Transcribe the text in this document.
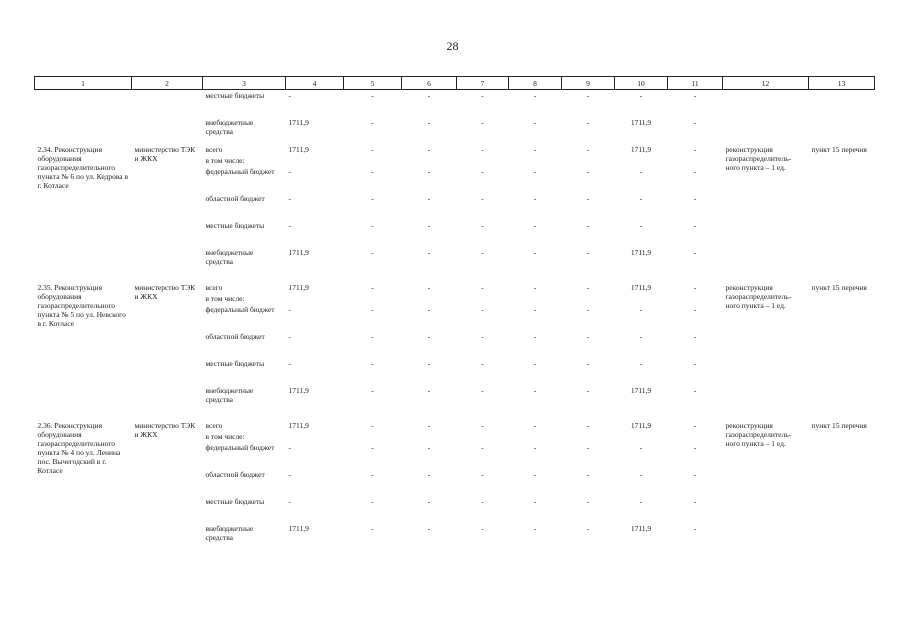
28
1	2	3	4	5	6	7	8	9	10	11	12	13
		местные бюджеты	-	-	-	-	-	-	-	-		
		внебюджетные средства	1711,9	-	-	-	-	-	1711,9	-		
2.34. Реконструкция оборудования газораспределительного пункта № 6 по ул. Кедрова в г. Котласе	министерство ТЭК и ЖКХ	всего	1711,9	-	-	-	-	-	1711,9	-	реконструкция газораспределитель-ного пункта – 1 ед.	пункт 15 перечня
		в том числе:										
		федеральный бюджет	-	-	-	-	-	-	-	-		
		областной бюджет	-	-	-	-	-	-	-	-		
		местные бюджеты	-	-	-	-	-	-	-	-		
		внебюджетные средства	1711,9	-	-	-	-	-	1711,9	-		

2.35. Реконструкция оборудования газораспределительного пункта № 5 по ул. Невского в г. Котласе	министерство ТЭК и ЖКХ	всего	1711,9	-	-	-	-	-	1711,9	-	реконструкция газораспределитель-ного пункта – 1 ед.	пункт 15 перечня
		в том числе:										
		федеральный бюджет	-	-	-	-	-	-	-	-		
		областной бюджет	-	-	-	-	-	-	-	-		
		местные бюджеты	-	-	-	-	-	-	-	-		
		внебюджетные средства	1711,9	-	-	-	-	-	1711,9	-		

2.36. Реконструкция оборудования газораспределительного пункта № 4 по ул. Ленина пос. Вычегодский в г. Котласе	министерство ТЭК и ЖКХ	всего	1711,9	-	-	-	-	-	1711,9	-	реконструкция газораспределитель-ного пункта – 1 ед.	пункт 15 перечня
		в том числе:										
		федеральный бюджет	-	-	-	-	-	-	-	-		
		областной бюджет	-	-	-	-	-	-	-	-		
		местные бюджеты	-	-	-	-	-	-	-	-		
		внебюджетные средства	1711,9	-	-	-	-	-	1711,9	-		
